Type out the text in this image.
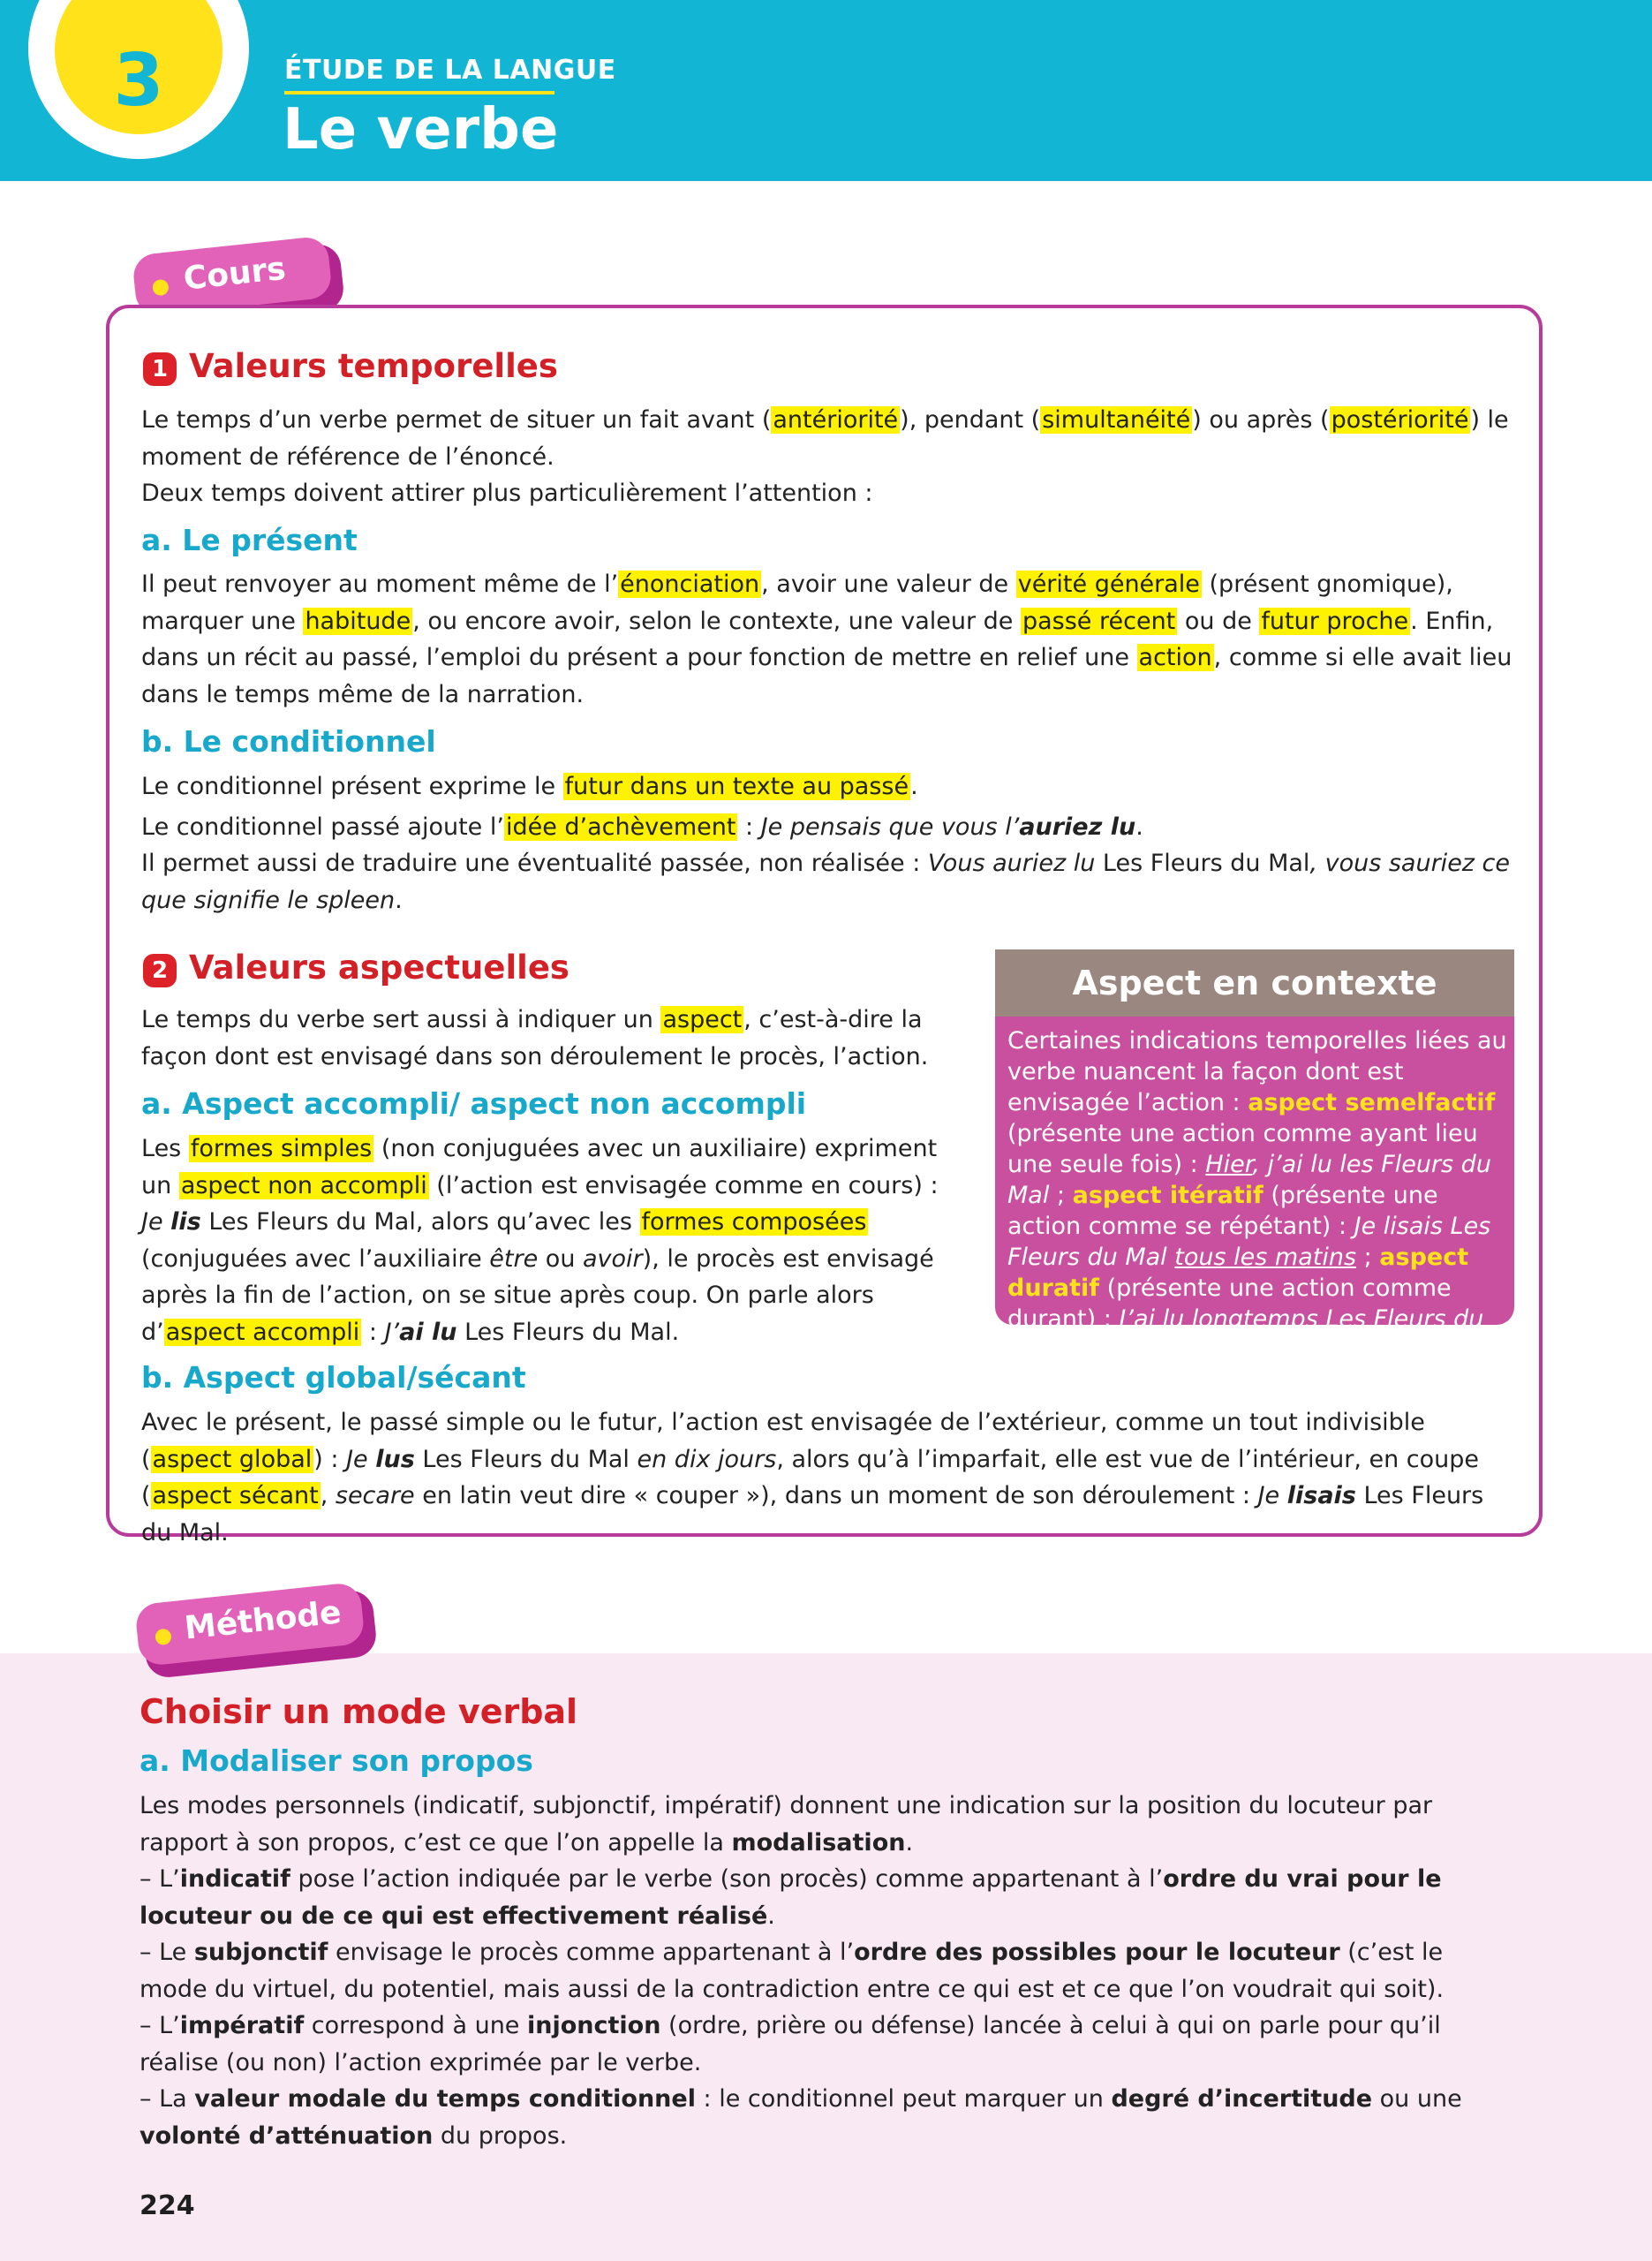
3	ÉTUDE DE LA LANGUE
Le verbe
Cours
1 Valeurs temporelles

Le temps d’un verbe permet de situer un fait avant (antériorité), pendant (simultanéité) ou après (postériorité) le moment de référence de l’énoncé.

Deux temps doivent attirer plus particulièrement l’attention :

a. Le présent

Il peut renvoyer au moment même de l’énonciation, avoir une valeur de vérité générale (présent gnomique), marquer une habitude, ou encore avoir, selon le contexte, une valeur de passé récent ou de futur proche. Enfin, dans un récit au passé, l’emploi du présent a pour fonction de mettre en relief une action, comme si elle avait lieu dans le temps même de la narration.

b. Le conditionnel

Le conditionnel présent exprime le futur dans un texte au passé.

Le conditionnel passé ajoute l’idée d’achèvement : Je pensais que vous l’auriez lu.

Il permet aussi de traduire une éventualité passée, non réalisée : Vous auriez lu Les Fleurs du Mal, vous sauriez ce que signifie le spleen.

2 Valeurs aspectuelles

Le temps du verbe sert aussi à indiquer un aspect, c’est-à-dire la façon dont est envisagé dans son déroulement le procès, l’action.

a. Aspect accompli/ aspect non accompli

Les formes simples (non conjuguées avec un auxiliaire) expriment un aspect non accompli (l’action est envisagée comme en cours) : Je lis Les Fleurs du Mal, alors qu’avec les formes composées (conjuguées avec l’auxiliaire être ou avoir), le procès est envisagé après la fin de l’action, on se situe après coup. On parle alors d’aspect accompli : J’ai lu Les Fleurs du Mal.

Aspect en contexte
Certaines indications temporelles liées au verbe nuancent la façon dont est envisagée l’action : aspect semelfactif (présente une action comme ayant lieu une seule fois) : Hier, j’ai lu les Fleurs du Mal ; aspect itératif (présente une action comme se répétant) : Je lisais Les Fleurs du Mal tous les matins ; aspect duratif (présente une action comme durant) : J’ai lu longtemps Les Fleurs du Mal.
b. Aspect global/sécant

Avec le présent, le passé simple ou le futur, l’action est envisagée de l’extérieur, comme un tout indivisible (aspect global) : Je lus Les Fleurs du Mal en dix jours, alors qu’à l’imparfait, elle est vue de l’intérieur, en coupe (aspect sécant, secare en latin veut dire « couper »), dans un moment de son déroulement : Je lisais Les Fleurs du Mal.

Méthode
Choisir un mode verbal
a. Modaliser son propos

Les modes personnels (indicatif, subjonctif, impératif) donnent une indication sur la position du locuteur par rapport à son propos, c’est ce que l’on appelle la modalisation.

– L’indicatif pose l’action indiquée par le verbe (son procès) comme appartenant à l’ordre du vrai pour le locuteur ou de ce qui est effectivement réalisé.

– Le subjonctif envisage le procès comme appartenant à l’ordre des possibles pour le locuteur (c’est le mode du virtuel, du potentiel, mais aussi de la contradiction entre ce qui est et ce que l’on voudrait qui soit).

– L’impératif correspond à une injonction (ordre, prière ou défense) lancée à celui à qui on parle pour qu’il réalise (ou non) l’action exprimée par le verbe.

– La valeur modale du temps conditionnel : le conditionnel peut marquer un degré d’incertitude ou une volonté d’atténuation du propos.

224
